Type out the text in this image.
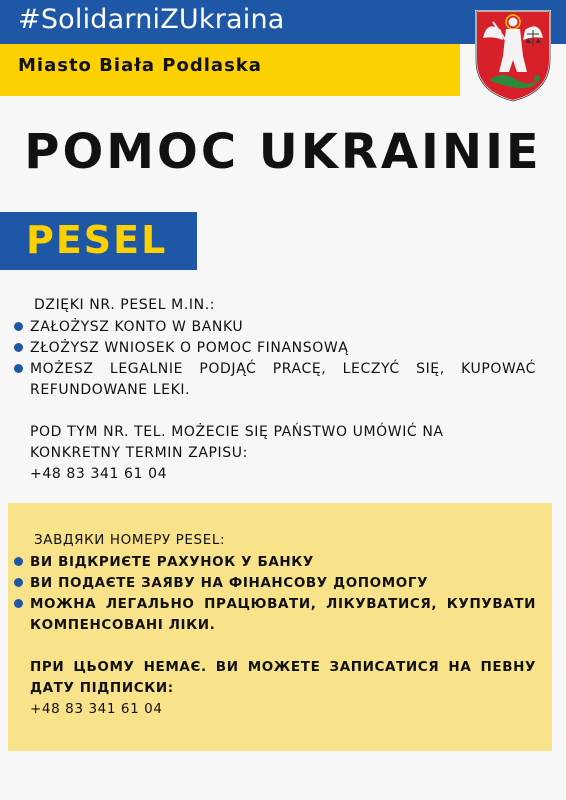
#SolidarniZUkraina
Miasto Biała Podlaska
POMOC UKRAINIE
PESEL
DZIĘKI NR. PESEL M.IN.:
ZAŁOŻYSZ KONTO W BANKU
ZŁOŻYSZ WNIOSEK O POMOC FINANSOWĄ
MOŻESZ LEGALNIE PODJĄĆ PRACĘ, LECZYĆ SIĘ, KUPOWAĆ REFUNDOWANE LEKI.
POD TYM NR. TEL. MOŻECIE SIĘ PAŃSTWO UMÓWIĆ NA KONKRETNY TERMIN ZAPISU:
+48 83 341 61 04
ЗАВДЯКИ НОМЕРУ PESEL:
ВИ ВІДКРИЄТЕ РАХУНОК У БАНКУ
ВИ ПОДАЄТЕ ЗАЯВУ НА ФІНАНСОВУ ДОПОМОГУ
МОЖНА ЛЕГАЛЬНО ПРАЦЮВАТИ, ЛІКУВАТИСЯ, КУПУВАТИ КОМПЕНСОВАНІ ЛІКИ.
ПРИ ЦЬОМУ НЕМАЄ. ВИ МОЖЕТЕ ЗАПИСАТИСЯ НА ПЕВНУ ДАТУ ПІДПИСКИ:
+48 83 341 61 04
